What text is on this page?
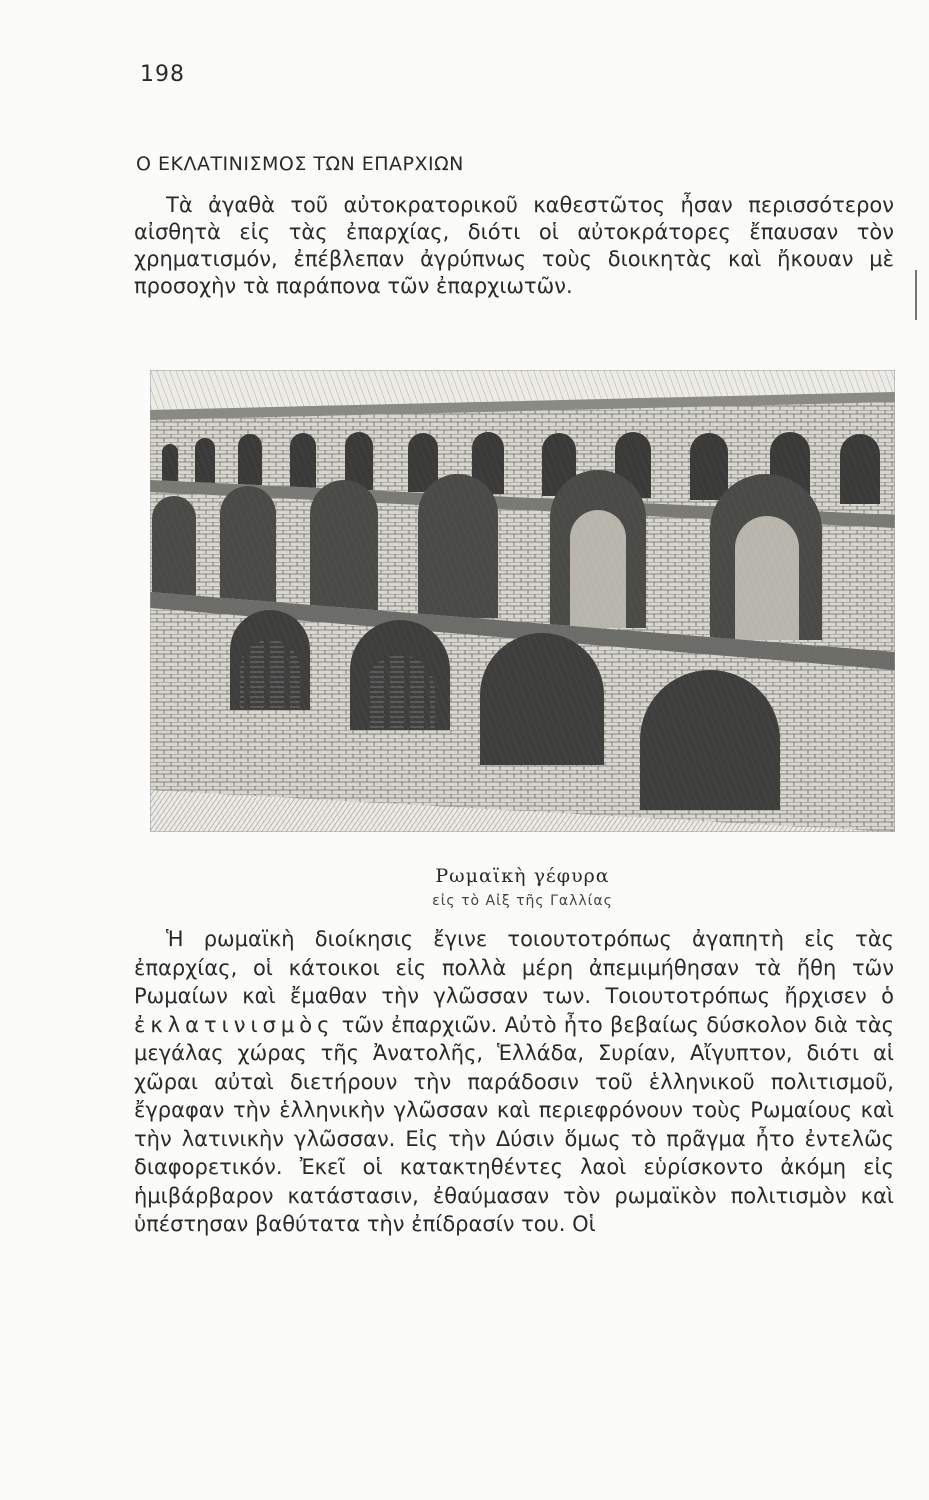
198
Ο ΕΚΛΑΤΙΝΙΣΜΟΣ ΤΩΝ ΕΠΑΡΧΙΩΝ
Τὰ ἀγαθὰ τοῦ αὐτοκρατορικοῦ καθεστῶτος ἦσαν περισσότερον αἰσθητὰ εἰς τὰς ἐπαρχίας, διότι οἱ αὐτοκράτορες ἔπαυσαν τὸν χρηματισμόν, ἐπέβλεπαν ἀγρύπνως τοὺς διοικητὰς καὶ ἤκουαν μὲ προσοχὴν τὰ παράπονα τῶν ἐπαρχιωτῶν.
Ρωμαϊκὴ γέφυρα
εἰς τὸ Αἰξ τῆς Γαλλίας
Ἡ ρωμαϊκὴ διοίκησις ἔγινε τοιουτοτρόπως ἀγαπητὴ εἰς τὰς ἐπαρχίας, οἱ κάτοικοι εἰς πολλὰ μέρη ἀπεμιμήθησαν τὰ ἤθη τῶν Ρωμαίων καὶ ἔμαθαν τὴν γλῶσσαν των. Τοιουτοτρόπως ἤρχισεν ὁ ἐκλατινισμὸς τῶν ἐπαρχιῶν. Αὐτὸ ἦτο βεβαίως δύσκολον διὰ τὰς μεγάλας χώρας τῆς Ἀνατολῆς, Ἑλλάδα, Συρίαν, Αἴγυπτον, διότι αἱ χῶραι αὐταὶ διετήρουν τὴν παράδοσιν τοῦ ἑλληνικοῦ πολιτισμοῦ, ἔγραφαν τὴν ἑλληνικὴν γλῶσσαν καὶ περιεφρόνουν τοὺς Ρωμαίους καὶ τὴν λατινικὴν γλῶσσαν. Εἰς τὴν Δύσιν ὅμως τὸ πρᾶγμα ἦτο ἐντελῶς διαφορετικόν. Ἐκεῖ οἱ κατακτηθέντες λαοὶ εὑρίσκοντο ἀκόμη εἰς ἡμιβάρβαρον κατάστασιν, ἐθαύμασαν τὸν ρωμαϊκὸν πολιτισμὸν καὶ ὑπέστησαν βαθύτατα τὴν ἐπίδρασίν του. Οἱ
